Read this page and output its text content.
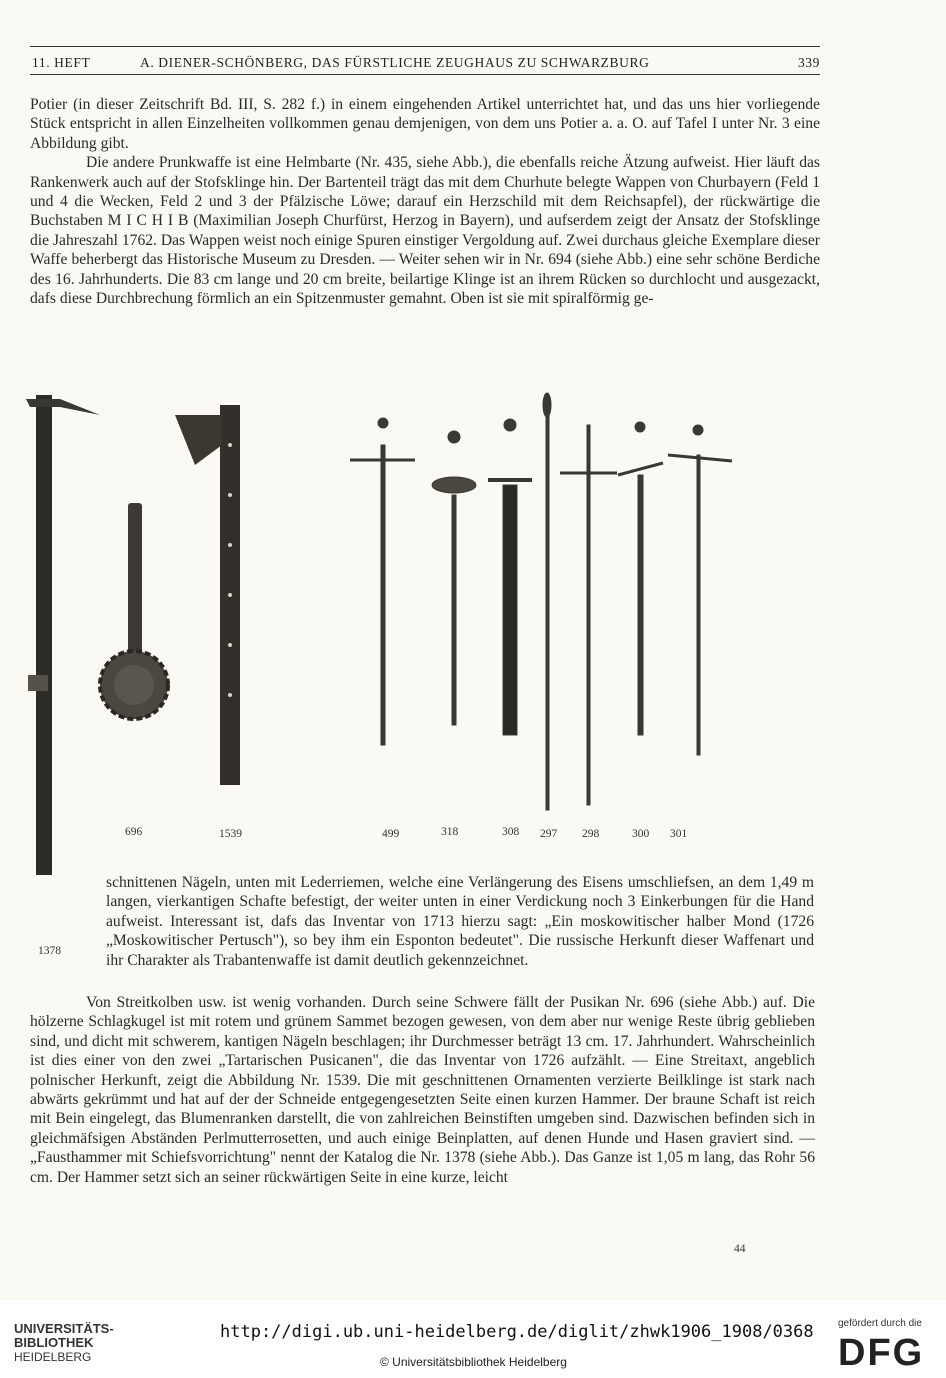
11. HEFT	A. DIENER-SCHÖNBERG, DAS FÜRSTLICHE ZEUGHAUS ZU SCHWARZBURG	339

Potier (in dieser Zeitschrift Bd. III, S. 282 f.) in einem eingehenden Artikel unterrichtet hat, und das uns hier vorliegende Stück entspricht in allen Einzelheiten vollkommen genau demjenigen, von dem uns Potier a. a. O. auf Tafel I unter Nr. 3 eine Abbildung gibt.

Die andere Prunkwaffe ist eine Helmbarte (Nr. 435, siehe Abb.), die ebenfalls reiche Ätzung aufweist. Hier läuft das Rankenwerk auch auf der Stofsklinge hin. Der Bartenteil trägt das mit dem Churhute belegte Wappen von Churbayern (Feld 1 und 4 die Wecken, Feld 2 und 3 der Pfälzische Löwe; darauf ein Herzschild mit dem Reichsapfel), der rückwärtige die Buchstaben M I C H I B (Maximilian Joseph Churfürst, Herzog in Bayern), und aufserdem zeigt der Ansatz der Stofsklinge die Jahreszahl 1762. Das Wappen weist noch einige Spuren einstiger Vergoldung auf. Zwei durchaus gleiche Exemplare dieser Waffe beherbergt das Historische Museum zu Dresden. — Weiter sehen wir in Nr. 694 (siehe Abb.) eine sehr schöne Berdiche des 16. Jahrhunderts. Die 83 cm lange und 20 cm breite, beilartige Klinge ist an ihrem Rücken so durchlocht und ausgezackt, dafs diese Durchbrechung förmlich an ein Spitzenmuster gemahnt. Oben ist sie mit spiralförmig ge-

696	1539	499	318	308 297 298	300 301
1378

schnittenen Nägeln, unten mit Lederriemen, welche eine Verlängerung des Eisens umschliefsen, an dem 1,49 m langen, vierkantigen Schafte befestigt, der weiter unten in einer Verdickung noch 3 Einkerbungen für die Hand aufweist. Interessant ist, dafs das Inventar von 1713 hierzu sagt: „Ein moskowitischer halber Mond (1726 „Moskowitischer Pertusch"), so bey ihm ein Esponton bedeutet". Die russische Herkunft dieser Waffenart und ihr Charakter als Trabantenwaffe ist damit deutlich gekennzeichnet.

Von Streitkolben usw. ist wenig vorhanden. Durch seine Schwere fällt der Pusikan Nr. 696 (siehe Abb.) auf. Die hölzerne Schlagkugel ist mit rotem und grünem Sammet bezogen gewesen, von dem aber nur wenige Reste übrig geblieben sind, und dicht mit schwerem, kantigen Nägeln beschlagen; ihr Durchmesser beträgt 13 cm. 17. Jahrhundert. Wahrscheinlich ist dies einer von den zwei „Tartarischen Pusicanen", die das Inventar von 1726 aufzählt. — Eine Streitaxt, angeblich polnischer Herkunft, zeigt die Abbildung Nr. 1539. Die mit geschnittenen Ornamenten verzierte Beilklinge ist stark nach abwärts gekrümmt und hat auf der der Schneide entgegengesetzten Seite einen kurzen Hammer. Der braune Schaft ist reich mit Bein eingelegt, das Blumenranken darstellt, die von zahlreichen Beinstiften umgeben sind. Dazwischen befinden sich in gleichmäfsigen Abständen Perlmutterrosetten, und auch einige Beinplatten, auf denen Hunde und Hasen graviert sind. — „Fausthammer mit Schiefsvorrichtung" nennt der Katalog die Nr. 1378 (siehe Abb.). Das Ganze ist 1,05 m lang, das Rohr 56 cm. Der Hammer setzt sich an seiner rückwärtigen Seite in eine kurze, leicht

44
UNIVERSITÄTS-
BIBLIOTHEK
HEIDELBERG
http://digi.ub.uni-heidelberg.de/diglit/zhwk1906_1908/0368
© Universitätsbibliothek Heidelberg
gefördert durch die
DFG
